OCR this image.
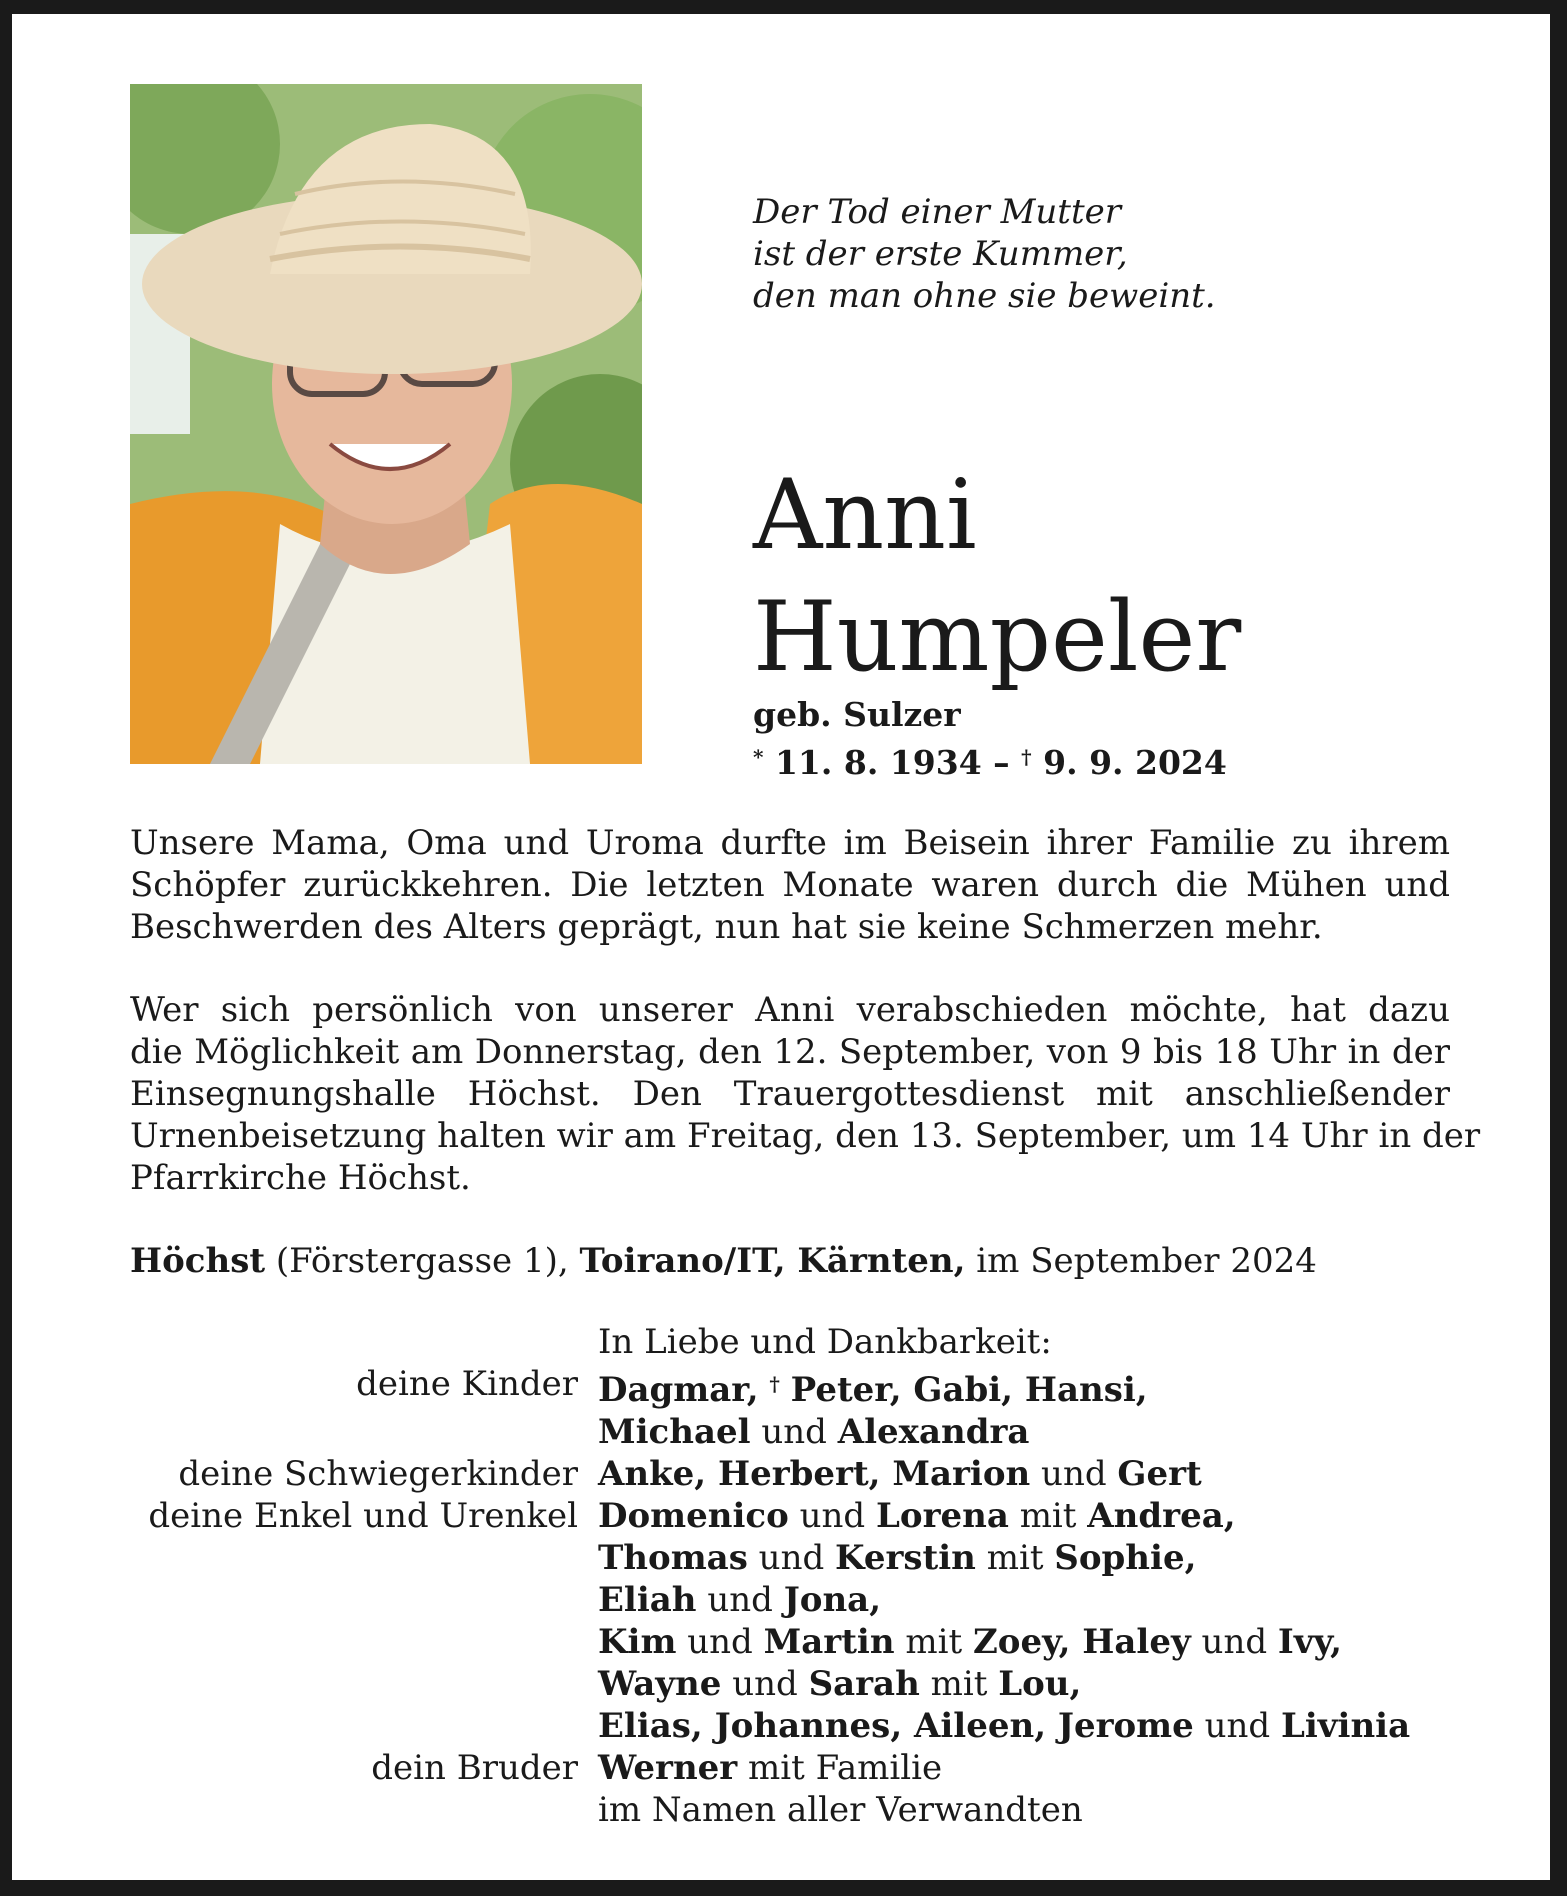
Der Tod einer Mutter
ist der erste Kummer,
den man ohne sie beweint.
Anni
Humpeler
geb. Sulzer
* 11. 8. 1934 – † 9. 9. 2024
Unsere Mama, Oma und Uroma durfte im Beisein ihrer Familie zu ihrem
Schöpfer zurückkehren. Die letzten Monate waren durch die Mühen und
Beschwerden des Alters geprägt, nun hat sie keine Schmerzen mehr.
Wer sich persönlich von unserer Anni verabschieden möchte, hat dazu
die Möglichkeit am Donnerstag, den 12. September, von 9 bis 18 Uhr in der
Einsegnungshalle Höchst. Den Trauergottesdienst mit anschließender
Urnenbeisetzung halten wir am Freitag, den 13. September, um 14 Uhr in der
Pfarrkirche Höchst.
Höchst (Förstergasse 1), Toirano/IT, Kärnten, im September 2024
In Liebe und Dankbarkeit:
deine Kinder Dagmar, † Peter, Gabi, Hansi,
Michael und Alexandra
deine Schwiegerkinder Anke, Herbert, Marion und Gert
deine Enkel und Urenkel Domenico und Lorena mit Andrea,
Thomas und Kerstin mit Sophie,
Eliah und Jona,
Kim und Martin mit Zoey, Haley und Ivy,
Wayne und Sarah mit Lou,
Elias, Johannes, Aileen, Jerome und Livinia
dein Bruder Werner mit Familie
im Namen aller Verwandten
